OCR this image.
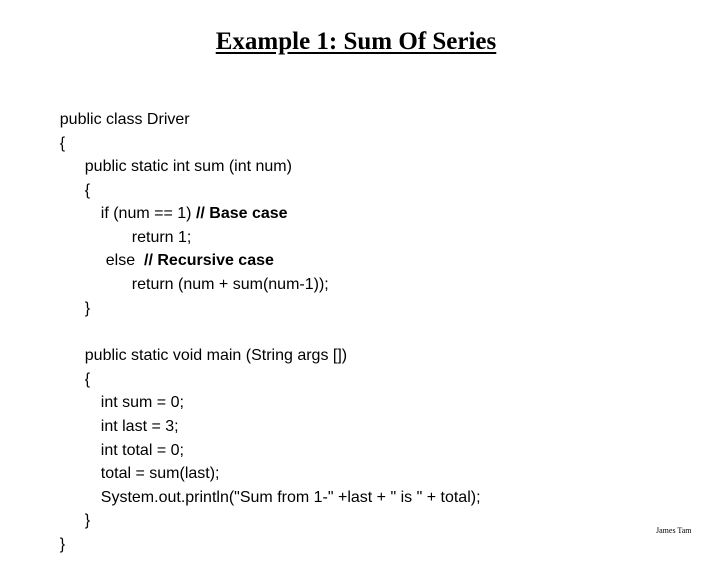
Example 1: Sum Of Series

public class Driver

{

public static int sum (int num)

{

if (num == 1) // Base case

return 1;

else  // Recursive case

return (num + sum(num-1));

}

public static void main (String args [])

{

int sum = 0;

int last = 3;

int total = 0;

total = sum(last);

System.out.println("Sum from 1-" +last + " is " + total);

}

}

James Tam
